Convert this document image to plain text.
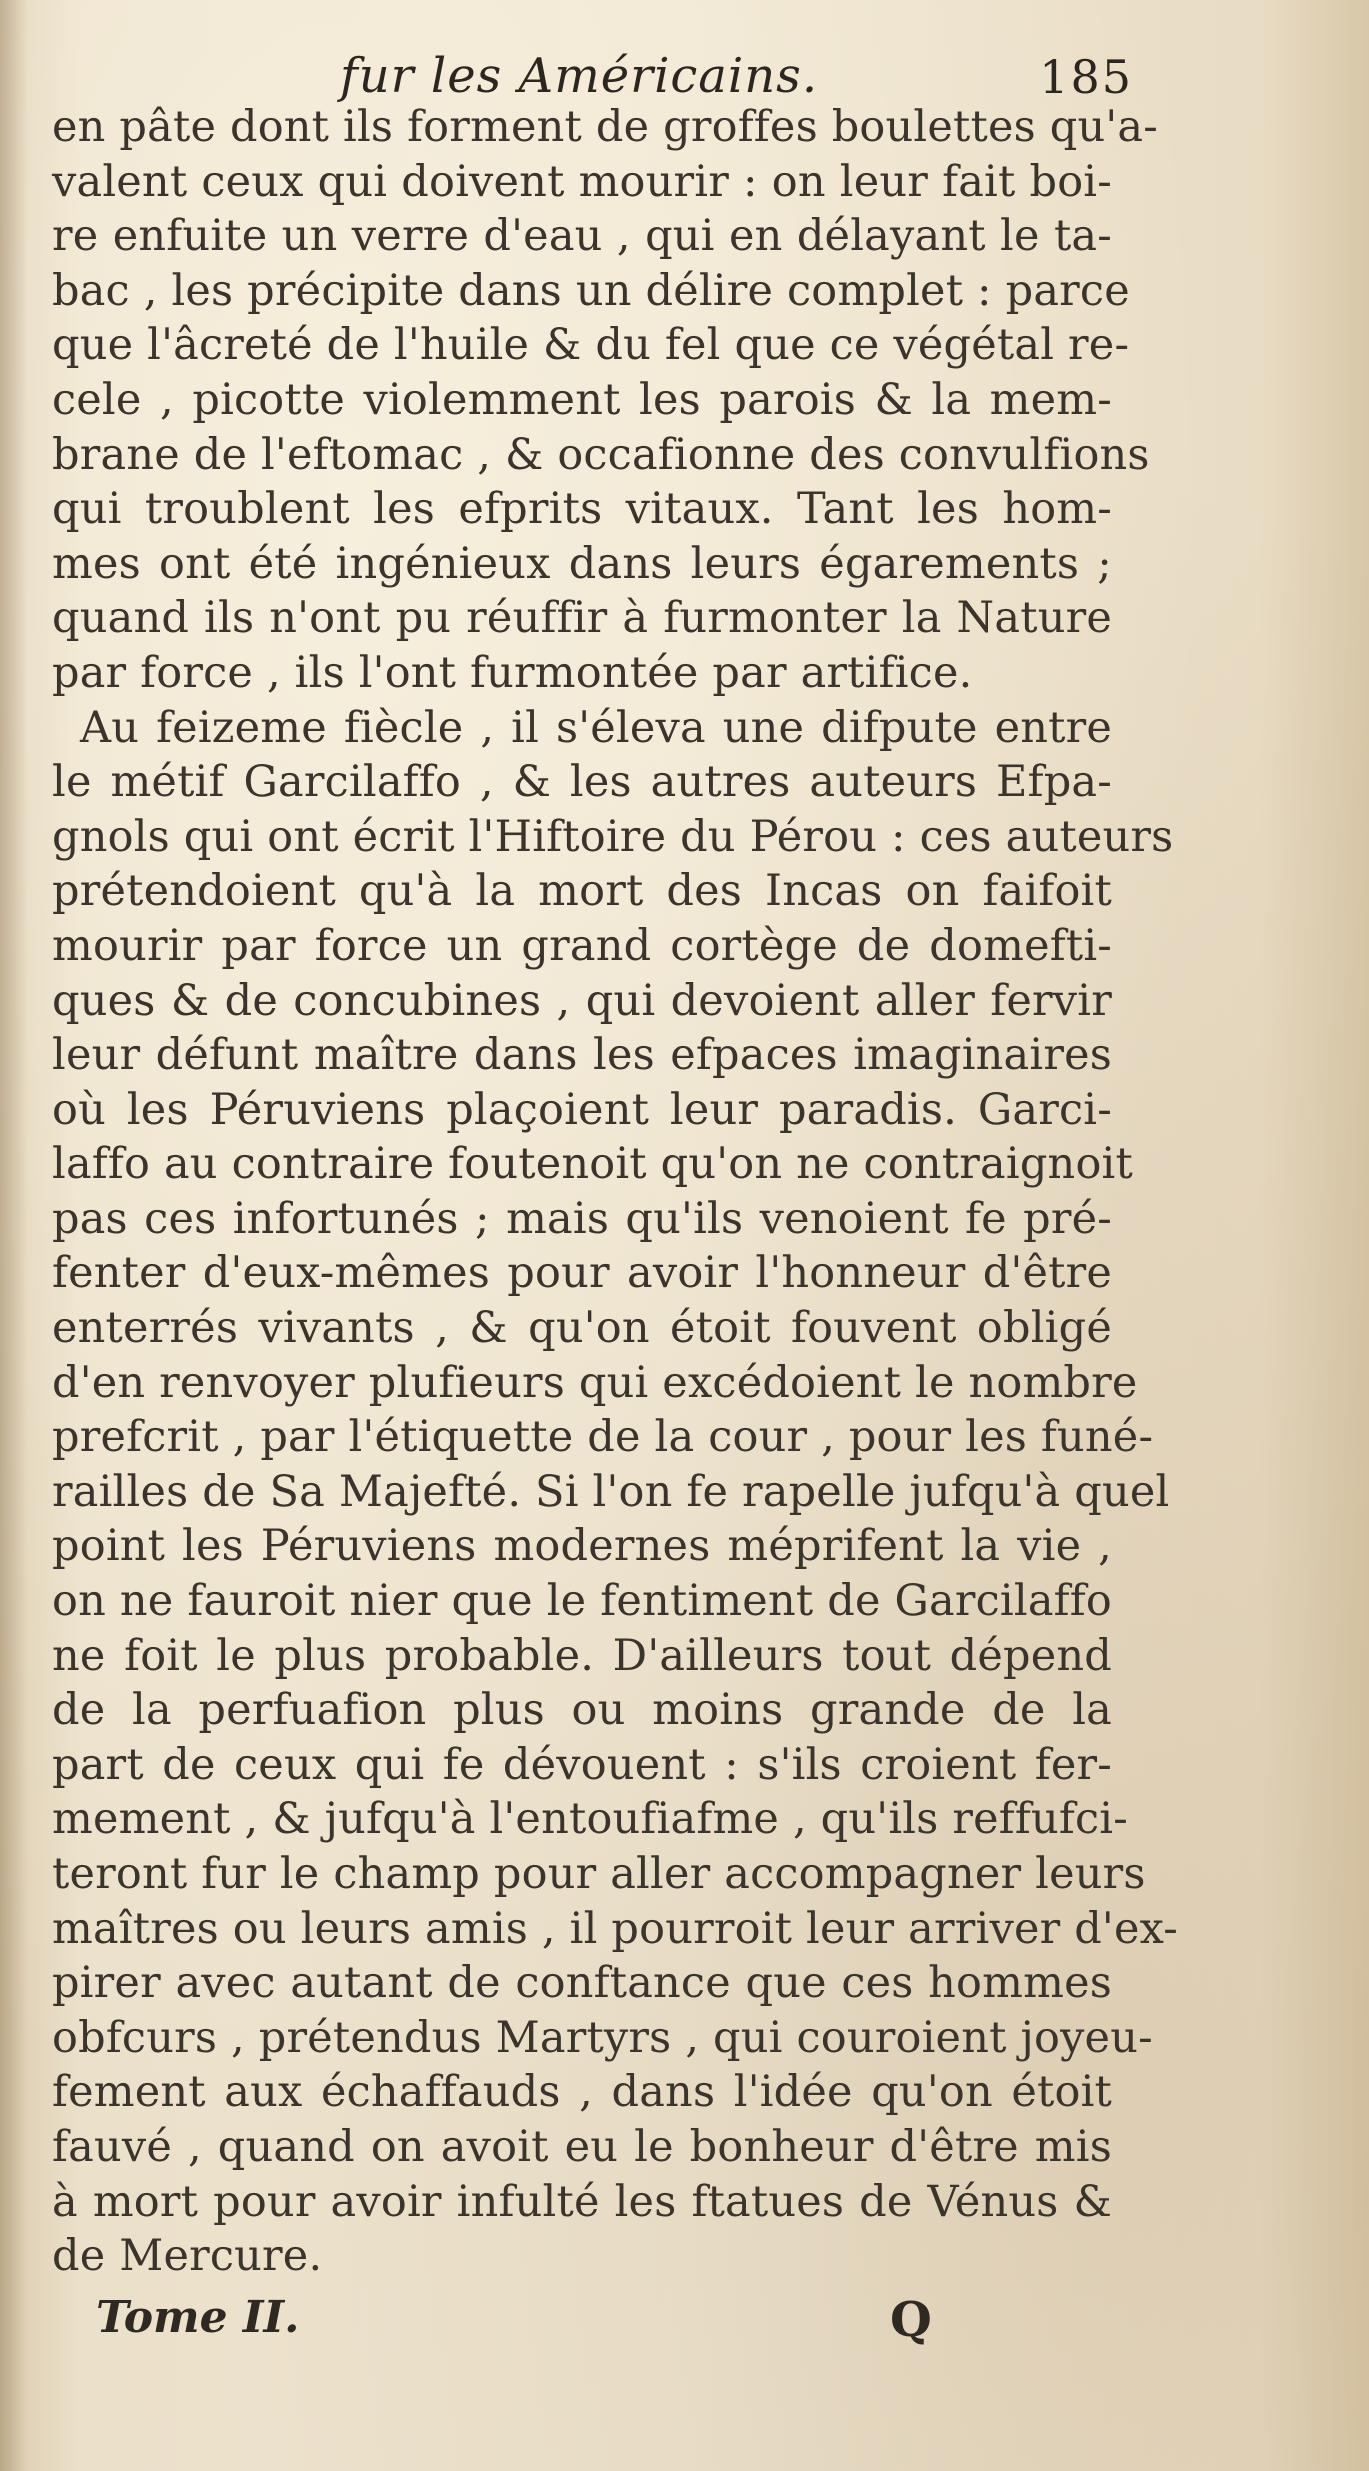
fur les Américains.	185
en pâte dont ils forment de groffes boulettes qu'a-
valent ceux qui doivent mourir : on leur fait boi-
re enfuite un verre d'eau , qui en délayant le ta-
bac , les précipite dans un délire complet : parce
que l'âcreté de l'huile & du fel que ce végétal re-
cele , picotte violemment les parois & la mem-
brane de l'eftomac , & occafionne des convulfions
qui troublent les efprits vitaux. Tant les hom-
mes ont été ingénieux dans leurs égarements ;
quand ils n'ont pu réuffir à furmonter la Nature
par force , ils l'ont furmontée par artifice.
Au feizeme fiècle , il s'éleva une difpute entre
le métif Garcilaffo , & les autres auteurs Efpa-
gnols qui ont écrit l'Hiftoire du Pérou : ces auteurs
prétendoient qu'à la mort des Incas on faifoit
mourir par force un grand cortège de domefti-
ques & de concubines , qui devoient aller fervir
leur défunt maître dans les efpaces imaginaires
où les Péruviens plaçoient leur paradis. Garci-
laffo au contraire foutenoit qu'on ne contraignoit
pas ces infortunés ; mais qu'ils venoient fe pré-
fenter d'eux-mêmes pour avoir l'honneur d'être
enterrés vivants , & qu'on étoit fouvent obligé
d'en renvoyer plufieurs qui excédoient le nombre
prefcrit , par l'étiquette de la cour , pour les funé-
railles de Sa Majefté. Si l'on fe rapelle jufqu'à quel
point les Péruviens modernes méprifent la vie ,
on ne fauroit nier que le fentiment de Garcilaffo
ne foit le plus probable. D'ailleurs tout dépend
de la perfuafion plus ou moins grande de la
part de ceux qui fe dévouent : s'ils croient fer-
mement , & jufqu'à l'entoufiafme , qu'ils reffufci-
teront fur le champ pour aller accompagner leurs
maîtres ou leurs amis , il pourroit leur arriver d'ex-
pirer avec autant de conftance que ces hommes
obfcurs , prétendus Martyrs , qui couroient joyeu-
fement aux échaffauds , dans l'idée qu'on étoit
fauvé , quand on avoit eu le bonheur d'être mis
à mort pour avoir infulté les ftatues de Vénus &
de Mercure.
Tome II.	Q
